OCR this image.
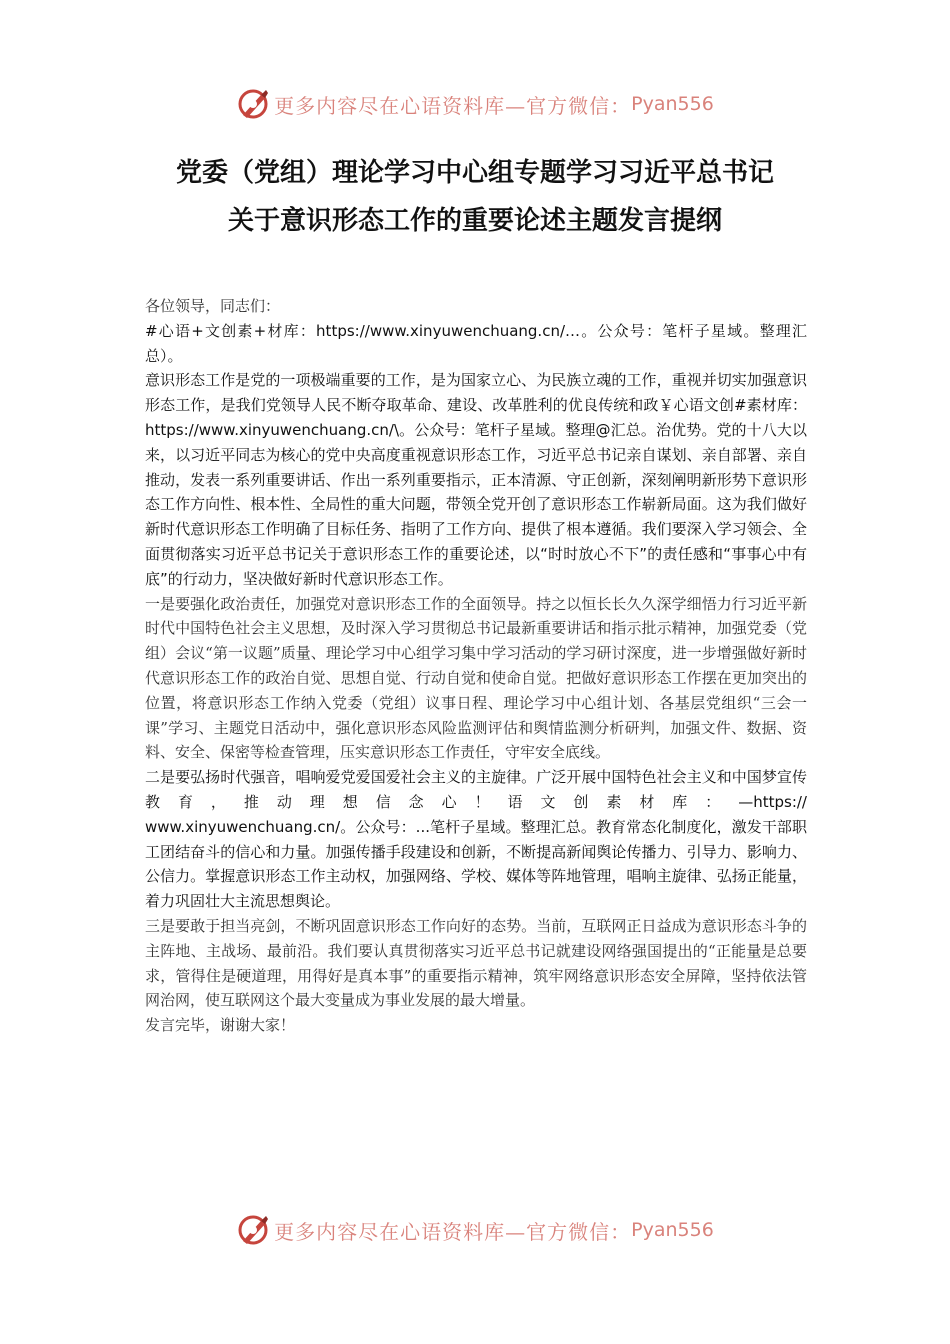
更多内容尽在心语资料库—官方微信： Pyan556
党委（党组）理论学习中心组专题学习习近平总书记
关于意识形态工作的重要论述主题发言提纲

各位领导，同志们：

#心语+文创素+材库：https://www.xinyuwenchuang.cn/…。公众号：笔杆子星域。整理汇总）。

意识形态工作是党的一项极端重要的工作，是为国家立心、为民族立魂的工作，重视并切实加强意识形态工作，是我们党领导人民不断夺取革命、建设、改革胜利的优良传统和政￥心语文创#素材库：https://www.xinyuwenchuang.cn/\。公众号：笔杆子星域。整理@汇总。治优势。党的十八大以来，以习近平同志为核心的党中央高度重视意识形态工作，习近平总书记亲自谋划、亲自部署、亲自推动，发表一系列重要讲话、作出一系列重要指示，正本清源、守正创新，深刻阐明新形势下意识形态工作方向性、根本性、全局性的重大问题，带领全党开创了意识形态工作崭新局面。这为我们做好新时代意识形态工作明确了目标任务、指明了工作方向、提供了根本遵循。我们要深入学习领会、全面贯彻落实习近平总书记关于意识形态工作的重要论述，以“时时放心不下”的责任感和“事事心中有底”的行动力，坚决做好新时代意识形态工作。

一是要强化政治责任，加强党对意识形态工作的全面领导。持之以恒长长久久深学细悟力行习近平新时代中国特色社会主义思想，及时深入学习贯彻总书记最新重要讲话和指示批示精神，加强党委（党组）会议“第一议题”质量、理论学习中心组学习集中学习活动的学习研讨深度，进一步增强做好新时代意识形态工作的政治自觉、思想自觉、行动自觉和使命自觉。把做好意识形态工作摆在更加突出的位置，将意识形态工作纳入党委（党组）议事日程、理论学习中心组计划、各基层党组织“三会一课”学习、主题党日活动中，强化意识形态风险监测评估和舆情监测分析研判，加强文件、数据、资料、安全、保密等检查管理，压实意识形态工作责任，守牢安全底线。

二是要弘扬时代强音，唱响爱党爱国爱社会主义的主旋律。广泛开展中国特色社会主义和中国梦宣传教育，推动理想信念心！语文创素材库：—https://

www.xinyuwenchuang.cn/。公众号：...笔杆子星域。整理汇总。教育常态化制度化，激发干部职工团结奋斗的信心和力量。加强传播手段建设和创新，不断提高新闻舆论传播力、引导力、影响力、公信力。掌握意识形态工作主动权，加强网络、学校、媒体等阵地管理，唱响主旋律、弘扬正能量，着力巩固壮大主流思想舆论。

三是要敢于担当亮剑，不断巩固意识形态工作向好的态势。当前，互联网正日益成为意识形态斗争的主阵地、主战场、最前沿。我们要认真贯彻落实习近平总书记就建设网络强国提出的“正能量是总要求，管得住是硬道理，用得好是真本事”的重要指示精神，筑牢网络意识形态安全屏障，坚持依法管网治网，使互联网这个最大变量成为事业发展的最大增量。

发言完毕，谢谢大家！

更多内容尽在心语资料库—官方微信： Pyan556
